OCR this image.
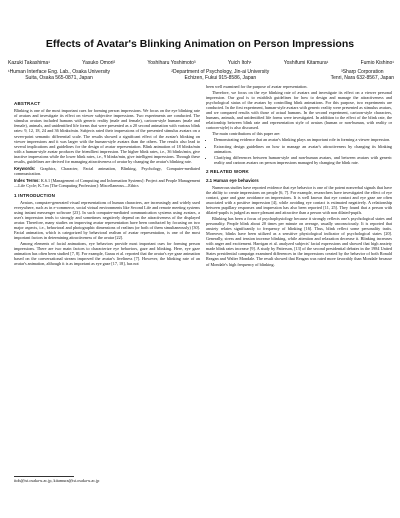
Effects of Avatar's Blinking Animation on Person Impressions
Kazuki Takashima¹	Yasuko Omori²	Yoshiharu Yoshimoto³	Yuich Itoh¹	Yoshifumi Kitamura¹	Fumio Kishino¹
¹Human Interface Eng. Lab., Osaka University
Suita, Osaka 565-0871, Japan
²Department of Psychology, Jin-ai University
Echizen, Fukui 915-8586, Japan
³Sharp Corporation
Tenri, Nara 632-8567, Japan
ABSTRACT

Blinking is one of the most important cues for forming person impressions. We focus on the eye blinking rate of avatars and investigate its effect on viewer subjective impressions. Two experiments are conducted. The stimulus avatars included humans with generic reality (male and female), cartoon-style humans (male and female), animals, and unidentified life forms that were presented as a 20 second animation with various blink rates: 9, 12, 18, 24 and 36 blinks/min. Subjects rated their impressions of the presented stimulus avatars on a seven-point semantic differential scale. The results showed a significant effect of the avatar's blinking on viewer impressions and it was larger with the human-style avatars than the others. The results also lead to several implications and guidelines for the design of avatar representation. Blink animation of 18 blinks/min with a human-style avatar produces the friendliest impression. The higher blink rates, i.e., 36 blinks/min, give inactive impressions while the lower blink rates, i.e., 9 blinks/min, give intelligent impressions. Through these results, guidelines are derived for managing attractiveness of avatar by changing the avatar's blinking rate.

Keywords: Graphics, Character, Facial animation, Blinking, Psychology, Computer-mediated communication.

Index Terms: K.6.1 [Management of Computing and Information Systems]: Project and People Management—Life Cycle; K.7.m [The Computing Profession]: Miscellaneous—Ethics

1 INTRODUCTION

Avatars, computer-generated visual representations of human characters, are increasingly and widely used everywhere, such as in e-commerce, social virtual environments like Second Life and remote meeting systems using instant messenger software [23]. In such computer-mediated communication systems using avatars, a user's impression tends to strongly and sometimes negatively depend on the attractiveness of the displayed avatar. Therefore, many studies on improving avatar representation have been conducted by focusing on two major aspects, i.e., behavioral and photographic dimensions of realism (or both of them simultaneously) [30]. Facial animation, which is categorized by behavioral realism of avatar representation, is one of the most important factors in determining attractiveness of the avatar [22].

Among elements of facial animations, eye behaviors provide most important cues for forming person impressions. There are two main factors to characterize eye behaviors, gaze and blinking. Here, eye gaze animation has often been studied [7, 8]. For example, Garau et al. reported that the avatar's eye gaze animation based on the conversational stream improved the avatar's liveliness [7]. However, the blinking rate of an avatar's animation, although it is as important as eye gaze [17, 18], has not

itoh@ist.osaka-u.ac.jp, kitamura@ist.osaka-u.ac.jp

been well examined for the purpose of avatar representation.

Therefore, we focus on the eye blinking rate of avatars and investigate its effect on a viewer personal impression. Our goal is to establish guidelines for how to design and manage the attractiveness and psychological status of the avatars by controlling blink animations. For this purpose, two experiments are conducted. In the first experiment, human-style avatars with generic reality were presented as stimulus avatars, and we compared results with those of actual humans. In the second experiment, cartoon-style characters, humans, animals, and unidentified life forms were investigated. In addition to the effect of the blink rate, the relationship between blink rate and representation style of avatars (human or non-human, with reality or cartoon-style) is also discussed.

The main contributions of this paper are:

• Demonstrating evidence that an avatar's blinking plays an important role in forming a viewer impression.
• Extracting design guidelines on how to manage an avatar's attractiveness by changing its blinking animation.
• Clarifying differences between human-style and non-human avatars, and between avatars with generic reality and cartoon avatars on person impressions managed by changing the blink rate.
2 RELATED WORK
2.1 Human eye behaviors

Numerous studies have reported evidence that eye behavior is one of the potent nonverbal signals that have the ability to create impressions on people [6, 7]. For example, researchers have investigated the effect of eye contact, gaze and gaze avoidance on impressions. It is well known that eye contact and eye gaze are often associated with a positive impression [4], while avoiding eye contact is estimated negatively. A relationship between pupillary responses and impression has also been reported [11, 25]. They found that a person with dilated-pupils is judged as more pleasant and attractive than a person with non dilated-pupils.

Blinking has been a focus of psychophysiology because it strongly reflects one's psychological states and personality. People blink about 20 times per minute on average, usually unconsciously. It is reported that anxiety relates significantly to frequency of blinking [16]. Thus, blink reflect some personality traits. Moreover, blinks have been utilized as a sensitive physiological indicator of psychological states [20]. Generally, stress and tension increase blinking, while attention and relaxation decrease it. Blinking increases with anger and excitement. Harrigan et al. analyzed subjects' facial expressions and showed that high anxiety made blink rates increase [9]. A study by Patterson, [13] of the second presidential debates in the 1984 United States presidential campaign examined differences in the impressions created by the behavior of both Ronald Reagan and Walter Mondale. The result showed that Reagan was rated more favorably than Mondale because of Mondale's high frequency of blinking.
